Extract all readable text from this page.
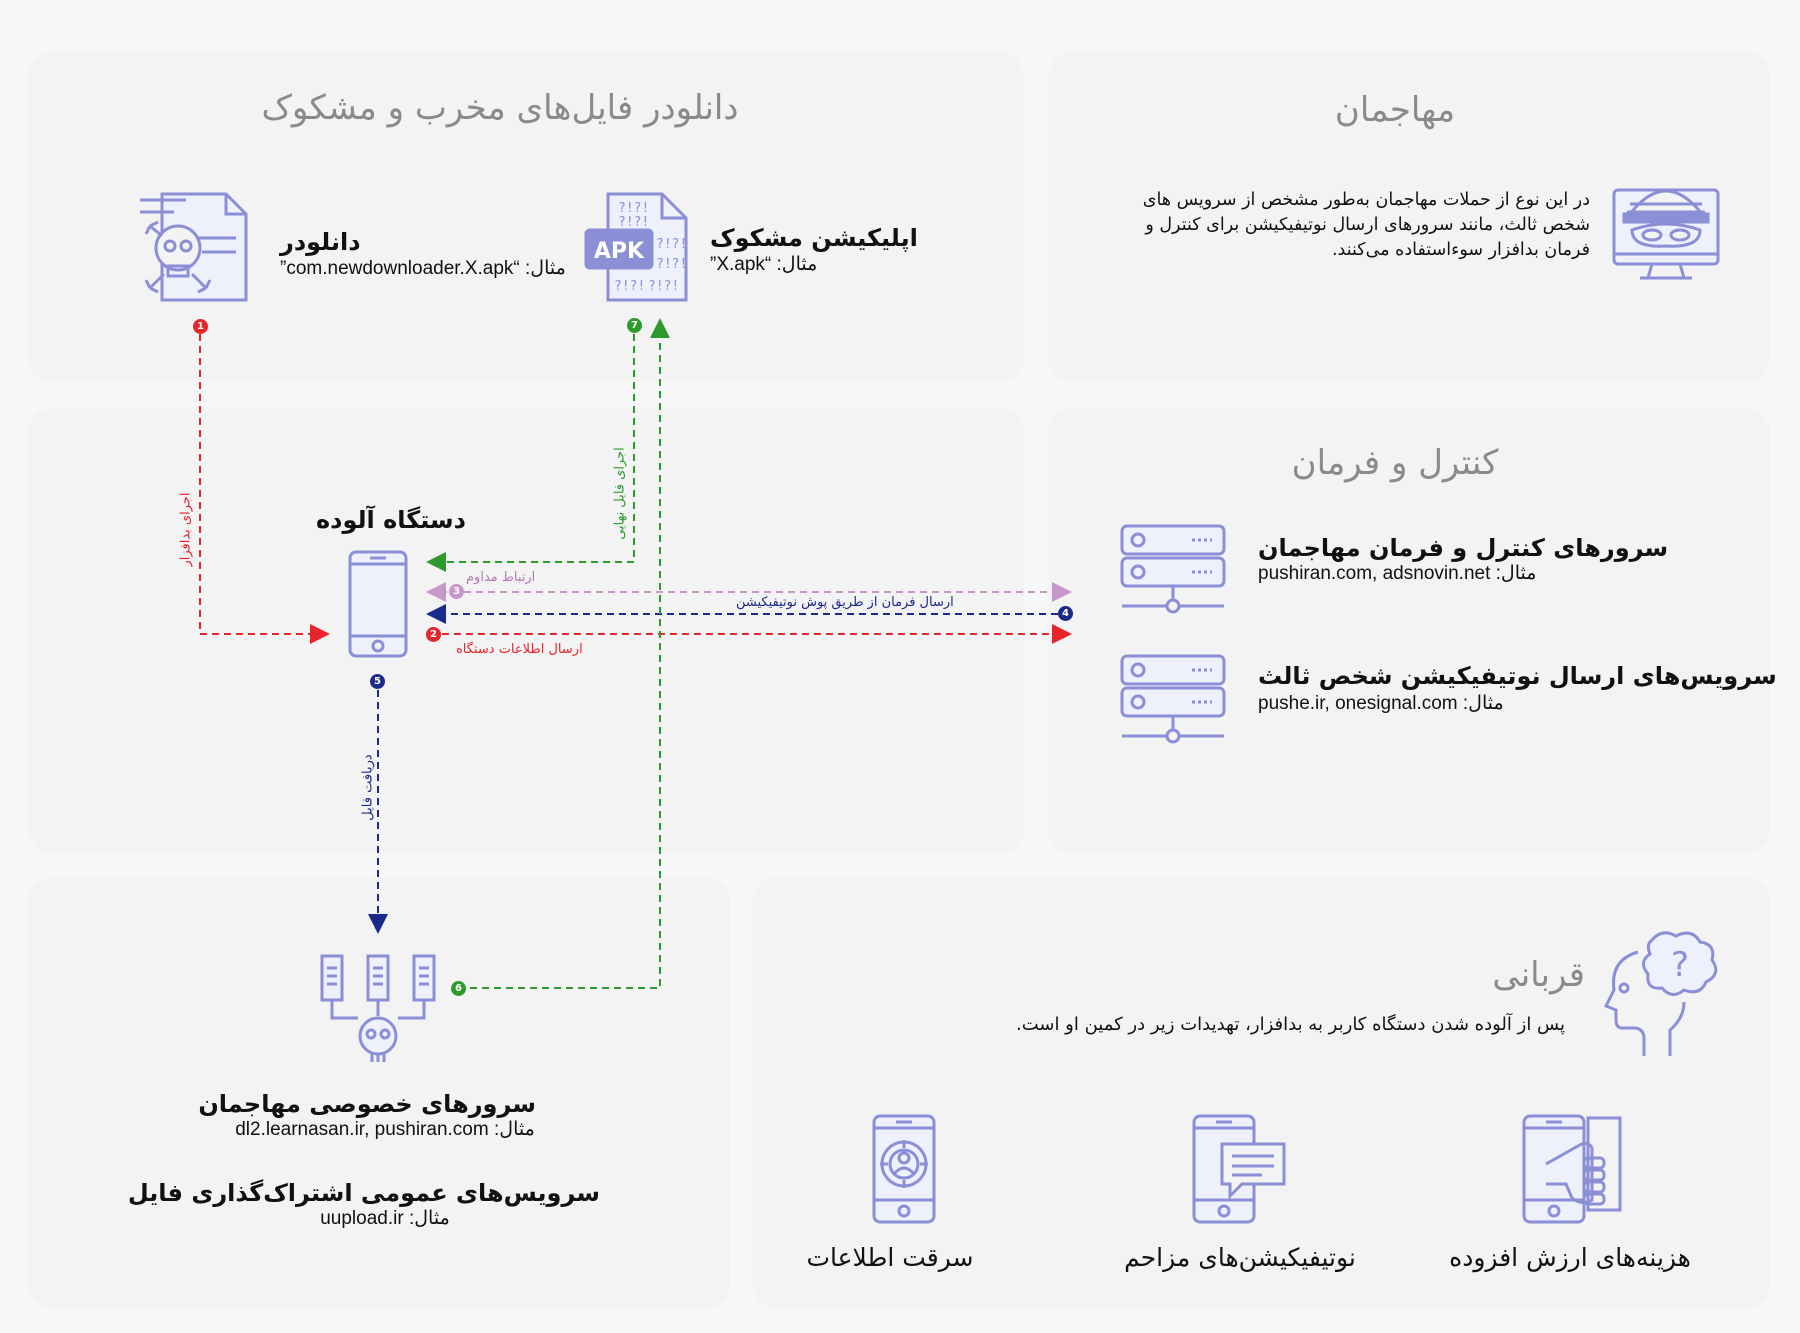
دانلودر فایل‌های مخرب و مشکوک	مهاجمان
کنترل و فرمان
قربانی
دانلودر
مثال: “com.newdownloader.X.apk”
APK
?!?!
?!?!
?!?!
?!?!
?!?! ?!?!
اپلیکیشن مشکوک
مثال: “X.apk”
در این نوع از حملات مهاجمان به‌طور مشخص از سرویس های شخص ثالث، مانند سرورهای ارسال نوتیفیکیشن برای کنترل و فرمان بدافزار سوءاستفاده می‌کنند.
دستگاه آلوده
سرورهای کنترل و فرمان مهاجمان
مثال: pushiran.com, adsnovin.net
سرویس‌های ارسال نوتیفیکیشن شخص ثالث
مثال: pushe.ir, onesignal.com
سرورهای خصوصی مهاجمان
مثال: dl2.learnasan.ir, pushiran.com
سرویس‌های عمومی اشتراک‌گذاری فایل
مثال: uupload.ir
?
پس از آلوده شدن دستگاه کاربر به بدافزار، تهدیدات زیر در کمین او است.
سرقت اطلاعات	نوتیفیکیشن‌های مزاحم	هزینه‌های ارزش افزوده
اجرای بدافزار	اجرای فایل نهایی
ارتباط مداوم
ارسال فرمان از طریق پوش نوتیفیکیشن
ارسال اطلاعات دستگاه
دریافت فایل
1
2
3
4
5
6
7
